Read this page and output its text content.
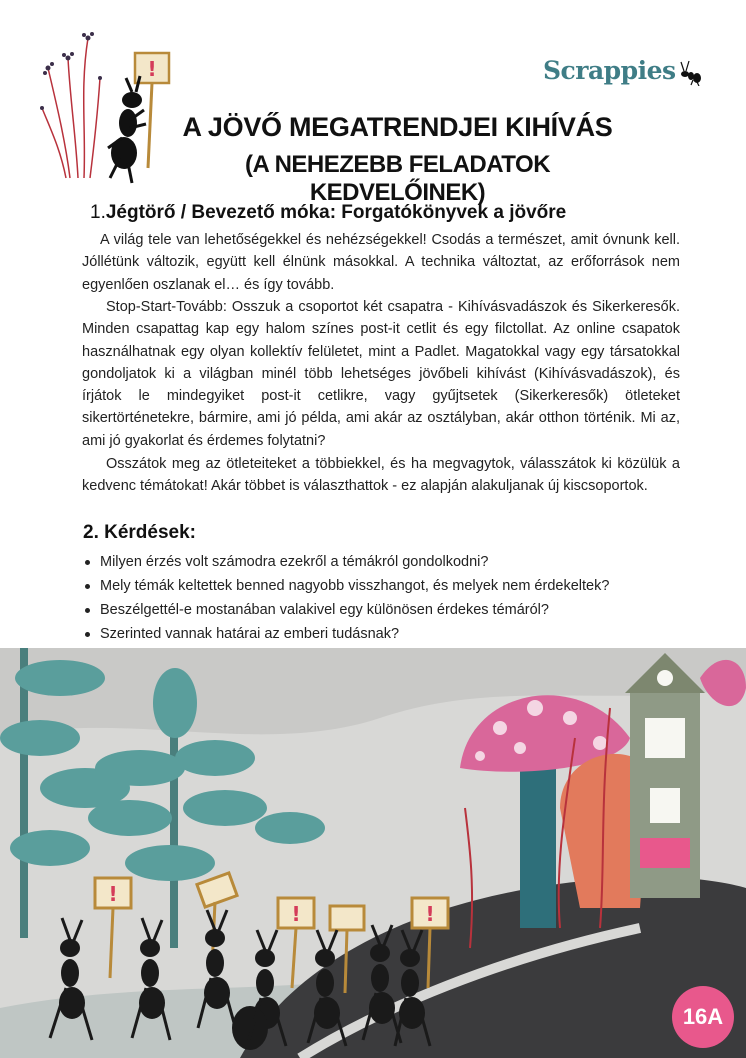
!	Scrappies
A JÖVŐ MEGATRENDJEI KIHÍVÁS
(A NEHEZEBB FELADATOK KEDVELŐINEK)
1.Jégtörő / Bevezető móka: Forgatókönyvek a jövőre

A világ tele van lehetőségekkel és nehézségekkel! Csodás a természet, amit óvnunk kell. Jóllétünk változik, együtt kell élnünk másokkal. A technika változtat, az erőforrások nem egyenlően oszlanak el… és így tovább.

Stop-Start-Tovább: Osszuk a csoportot két csapatra - Kihívásvadászok és Sikerkeresők. Minden csapattag kap egy halom színes post-it cetlit és egy filctollat. Az online csapatok használhatnak egy olyan kollektív felületet, mint a Padlet. Magatokkal vagy egy társatokkal gondoljatok ki a világban minél több lehetséges jövőbeli kihívást (Kihívásvadászok), és írjátok le mindegyiket post-it cetlikre, vagy gyűjtsetek (Sikerkeresők) ötleteket sikertörténetekre, bármire, ami jó példa, ami akár az osztályban, akár otthon történik. Mi az, ami jó gyakorlat és érdemes folytatni?

Osszátok meg az ötleteiteket a többiekkel, és ha megvagytok, válasszátok ki közülük a kedvenc témátokat! Akár többet is választhattok - ez alapján alakuljanak új kiscsoportok.

2. Kérdések:
Milyen érzés volt számodra ezekről a témákról gondolkodni?
Mely témák keltettek benned nagyobb visszhangot, és melyek nem érdekeltek?
Beszélgettél-e mostanában valakivel egy különösen érdekes témáról?
Szerinted vannak határai az emberi tudásnak?
!
!	!
16A
